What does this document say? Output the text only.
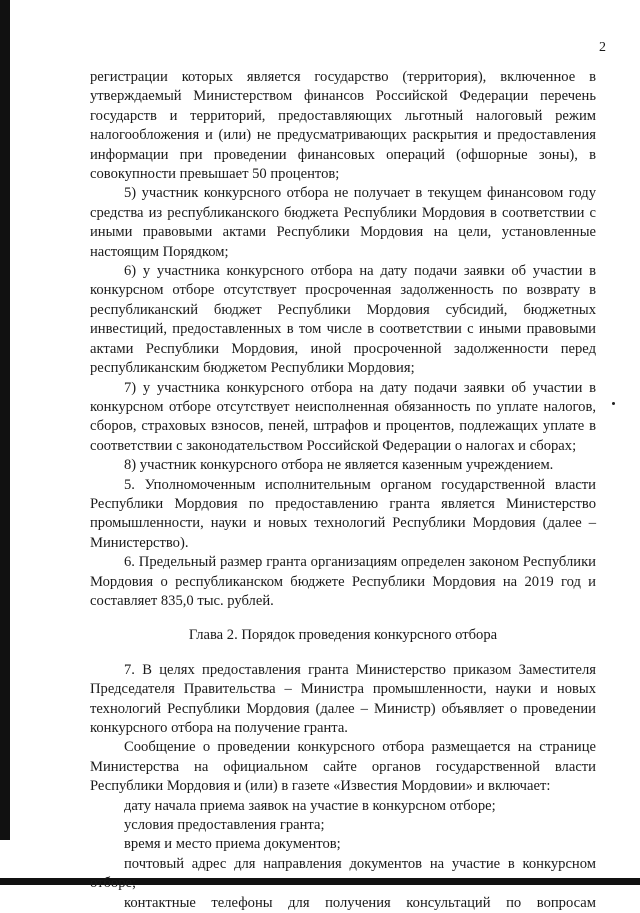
2

регистрации которых является государство (территория), включенное в утверждаемый Министерством финансов Российской Федерации перечень государств и территорий, предоставляющих льготный налоговый режим налогообложения и (или) не предусматривающих раскрытия и предоставления информации при проведении финансовых операций (офшорные зоны), в совокупности превышает 50 процентов;

5) участник конкурсного отбора не получает в текущем финансовом году средства из республиканского бюджета Республики Мордовия в соответствии с иными правовыми актами Республики Мордовия на цели, установленные настоящим Порядком;

6) у участника конкурсного отбора на дату подачи заявки об участии в конкурсном отборе отсутствует просроченная задолженность по возврату в республиканский бюджет Республики Мордовия субсидий, бюджетных инвестиций, предоставленных в том числе в соответствии с иными правовыми актами Республики Мордовия, иной просроченной задолженности перед республиканским бюджетом Республики Мордовия;

7) у участника конкурсного отбора на дату подачи заявки об участии в конкурсном отборе отсутствует неисполненная обязанность по уплате налогов, сборов, страховых взносов, пеней, штрафов и процентов, подлежащих уплате в соответствии с законодательством Российской Федерации о налогах и сборах;

8) участник конкурсного отбора не является казенным учреждением.

5. Уполномоченным исполнительным органом государственной власти Республики Мордовия по предоставлению гранта является Министерство промышленности, науки и новых технологий Республики Мордовия (далее – Министерство).

6. Предельный размер гранта организациям определен законом Республики Мордовия о республиканском бюджете Республики Мордовия на 2019 год и составляет 835,0 тыс. рублей.

Глава 2. Порядок проведения конкурсного отбора

7. В целях предоставления гранта Министерство приказом Заместителя Председателя Правительства – Министра промышленности, науки и новых технологий Республики Мордовия (далее – Министр) объявляет о проведении конкурсного отбора на получение гранта.

Сообщение о проведении конкурсного отбора размещается на странице Министерства на официальном сайте органов государственной власти Республики Мордовия и (или) в газете «Известия Мордовии» и включает:

дату начала приема заявок на участие в конкурсном отборе;

условия предоставления гранта;

время и место приема документов;

почтовый адрес для направления документов на участие в конкурсном отборе;

контактные телефоны для получения консультаций по вопросам
